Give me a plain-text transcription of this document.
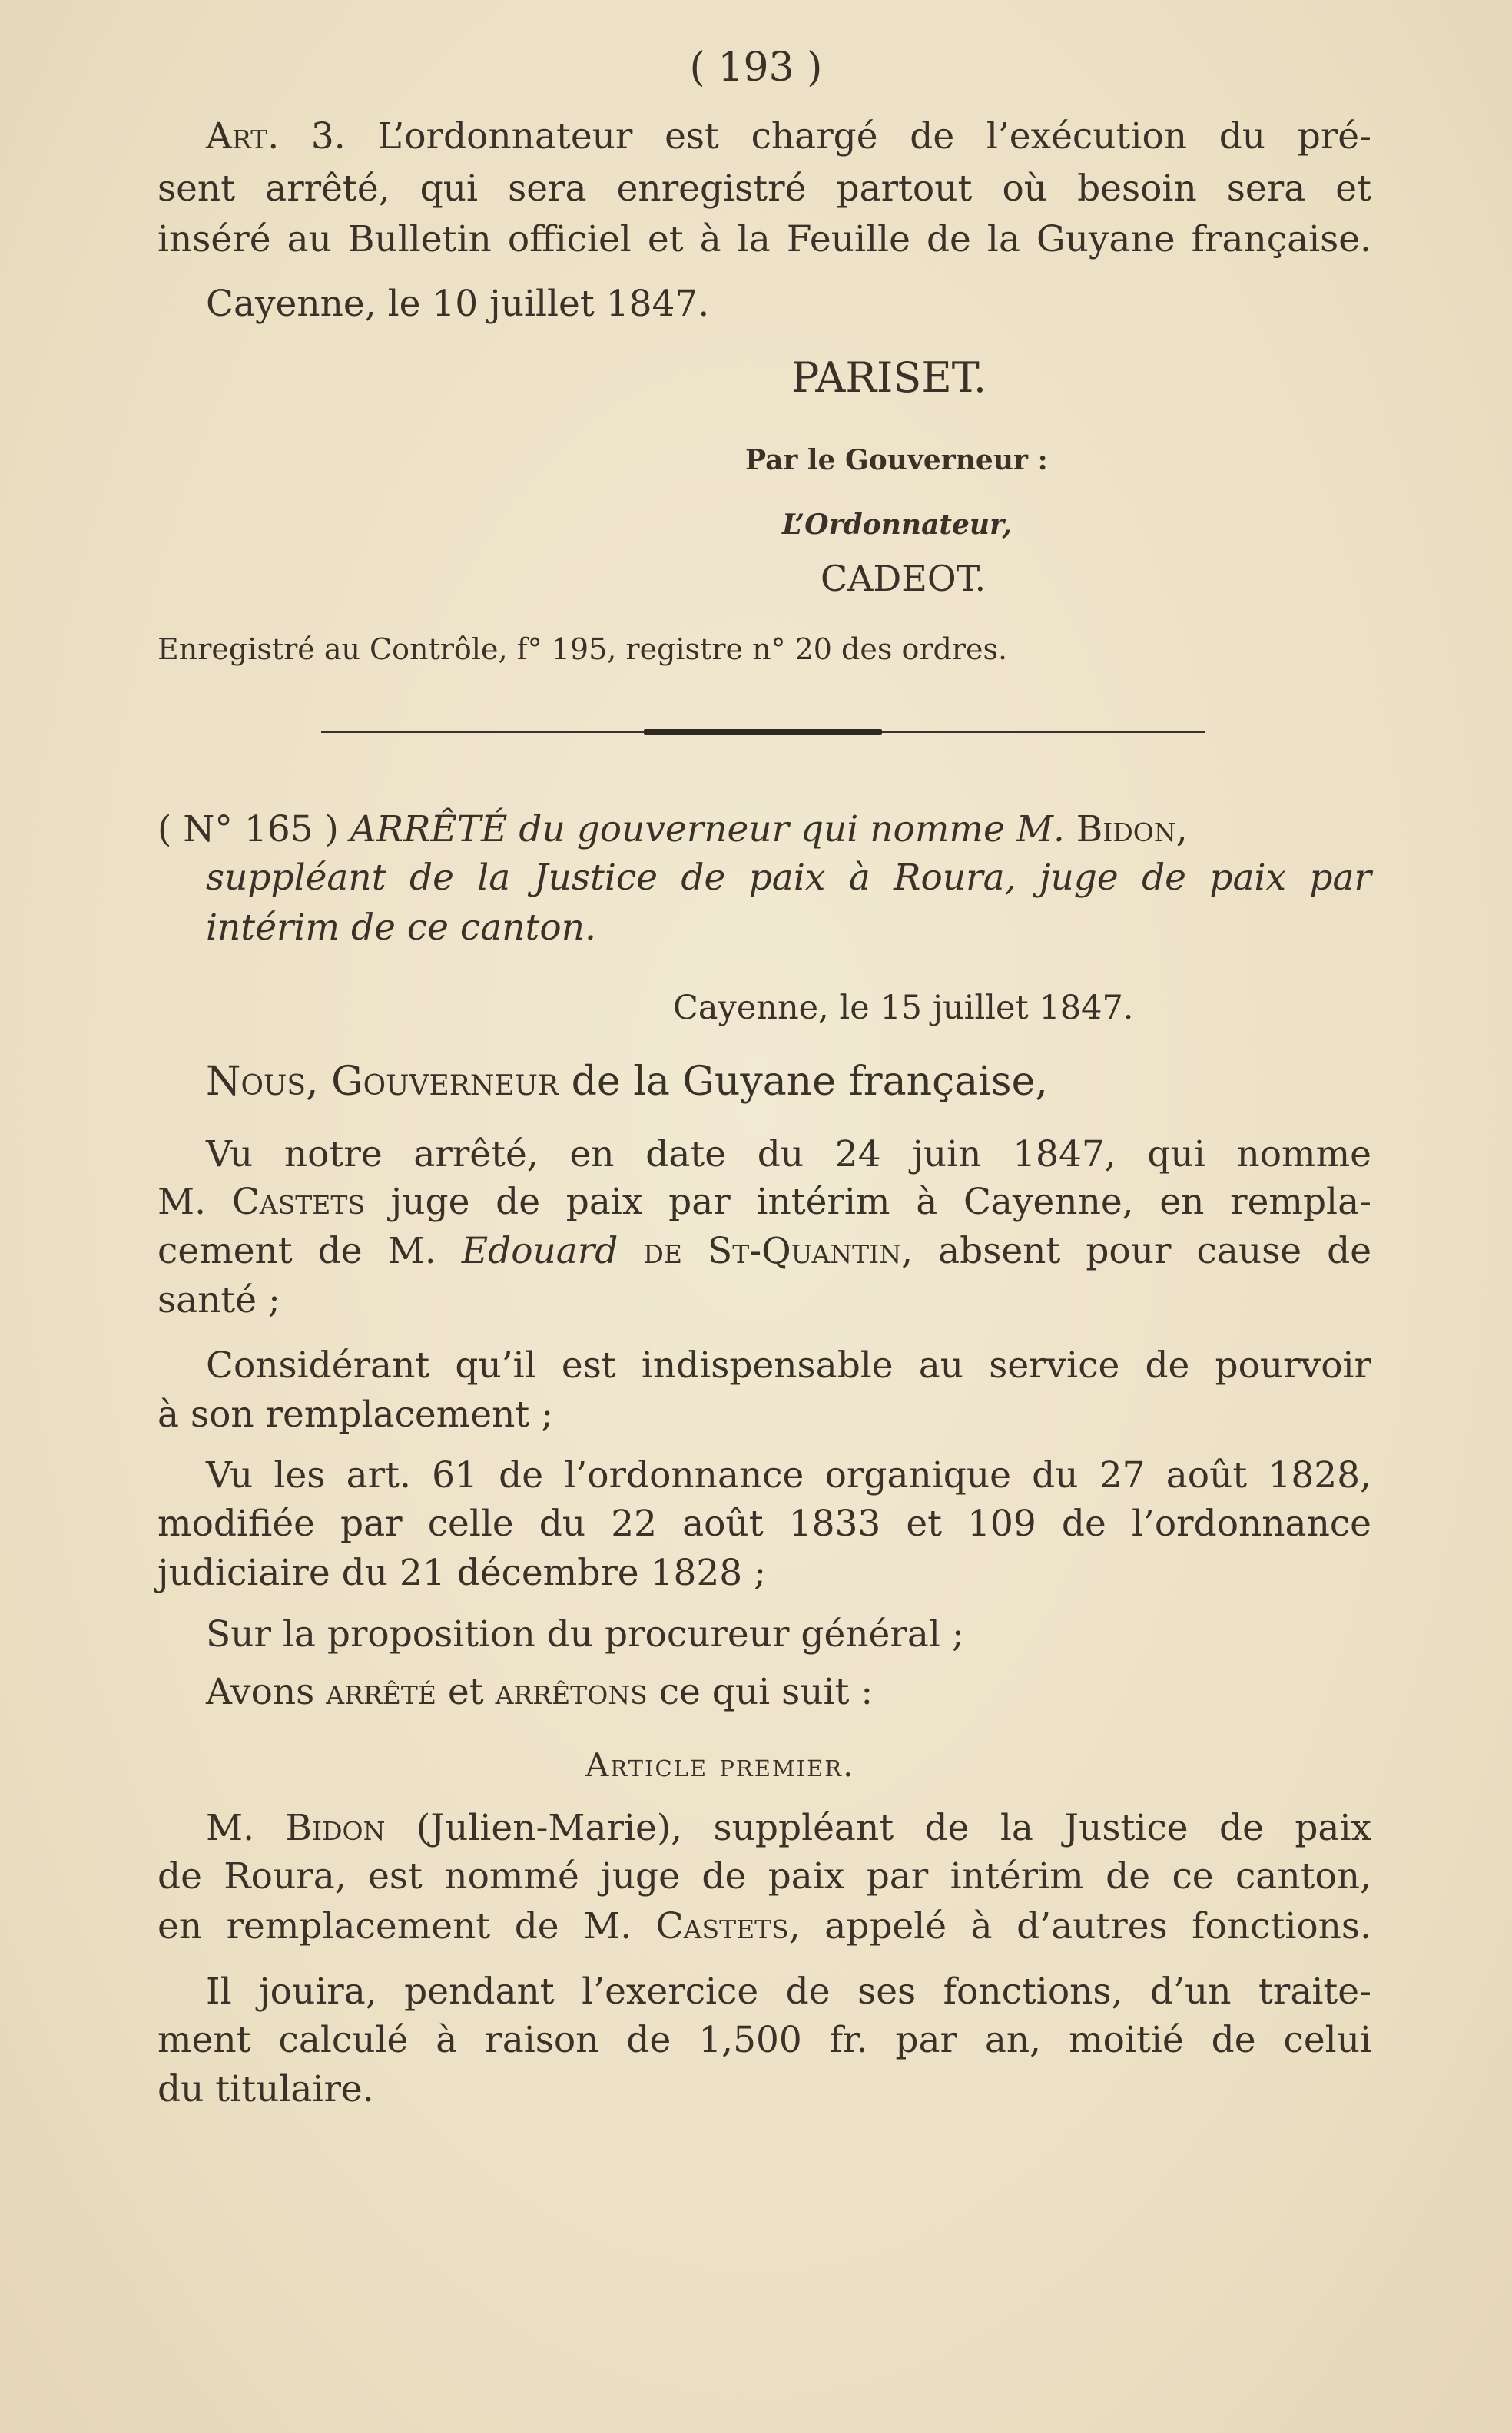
( 193 )

Art. 3. L’ordonnateur est chargé de l’exécution du pré-

sent arrêté, qui sera enregistré partout où besoin sera et

inséré au Bulletin officiel et à la Feuille de la Guyane française.

Cayenne, le 10 juillet 1847.

PARISET.

Par le Gouverneur :

L’Ordonnateur,

CADEOT.

Enregistré au Contrôle, f° 195, registre n° 20 des ordres.

( N° 165 ) ARRÊTÉ du gouverneur qui nomme M. Bidon,

suppléant de la Justice de paix à Roura, juge de paix par

intérim de ce canton.

Cayenne, le 15 juillet 1847.

Nous, Gouverneur de la Guyane française,

Vu notre arrêté, en date du 24 juin 1847, qui nomme

M. Castets juge de paix par intérim à Cayenne, en rempla-

cement de M. Edouard de St-Quantin, absent pour cause de

santé ;

Considérant qu’il est indispensable au service de pourvoir

à son remplacement ;

Vu les art. 61 de l’ordonnance organique du 27 août 1828,

modifiée par celle du 22 août 1833 et 109 de l’ordonnance

judiciaire du 21 décembre 1828 ;

Sur la proposition du procureur général ;

Avons arrêté et arrêtons ce qui suit :

Article premier.

M. Bidon (Julien-Marie), suppléant de la Justice de paix

de Roura, est nommé juge de paix par intérim de ce canton,

en remplacement de M. Castets, appelé à d’autres fonctions.

Il jouira, pendant l’exercice de ses fonctions, d’un traite-

ment calculé à raison de 1,500 fr. par an, moitié de celui

du titulaire.
